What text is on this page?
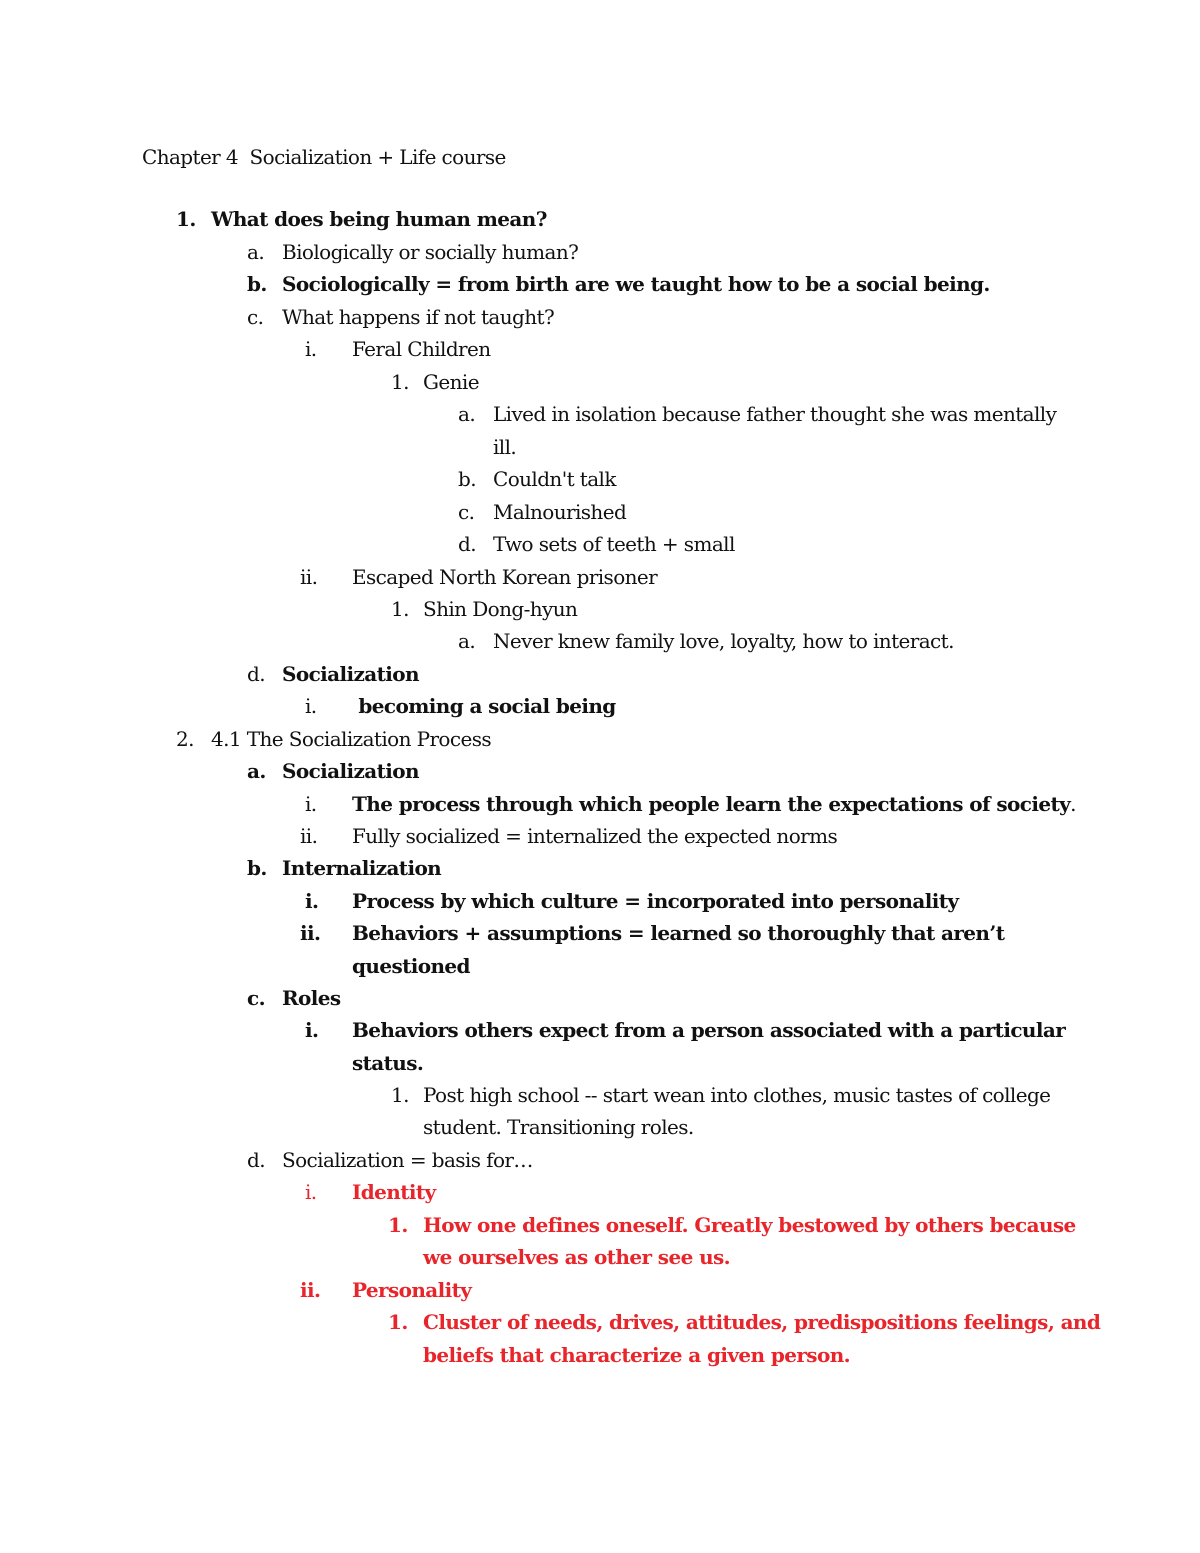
Chapter 4  Socialization + Life course
1. What does being human mean?
a. Biologically or socially human?
b. Sociologically = from birth are we taught how to be a social being.
c. What happens if not taught?
i. Feral Children
1. Genie
a. Lived in isolation because father thought she was mentally
ill.
b. Couldn't talk
c. Malnourished
d. Two sets of teeth + small
ii. Escaped North Korean prisoner
1. Shin Dong-hyun
a. Never knew family love, loyalty, how to interact.
d. Socialization
i. becoming a social being
2. 4.1 The Socialization Process
a. Socialization
i. The process through which people learn the expectations of society.
ii. Fully socialized = internalized the expected norms
b. Internalization
i. Process by which culture = incorporated into personality
ii. Behaviors + assumptions = learned so thoroughly that aren’t
questioned
c. Roles
i. Behaviors others expect from a person associated with a particular
status.
1. Post high school -- start wean into clothes, music tastes of college
student. Transitioning roles.
d. Socialization = basis for…
i. Identity
1. How one defines oneself. Greatly bestowed by others because
we ourselves as other see us.
ii. Personality
1. Cluster of needs, drives, attitudes, predispositions feelings, and
beliefs that characterize a given person.
